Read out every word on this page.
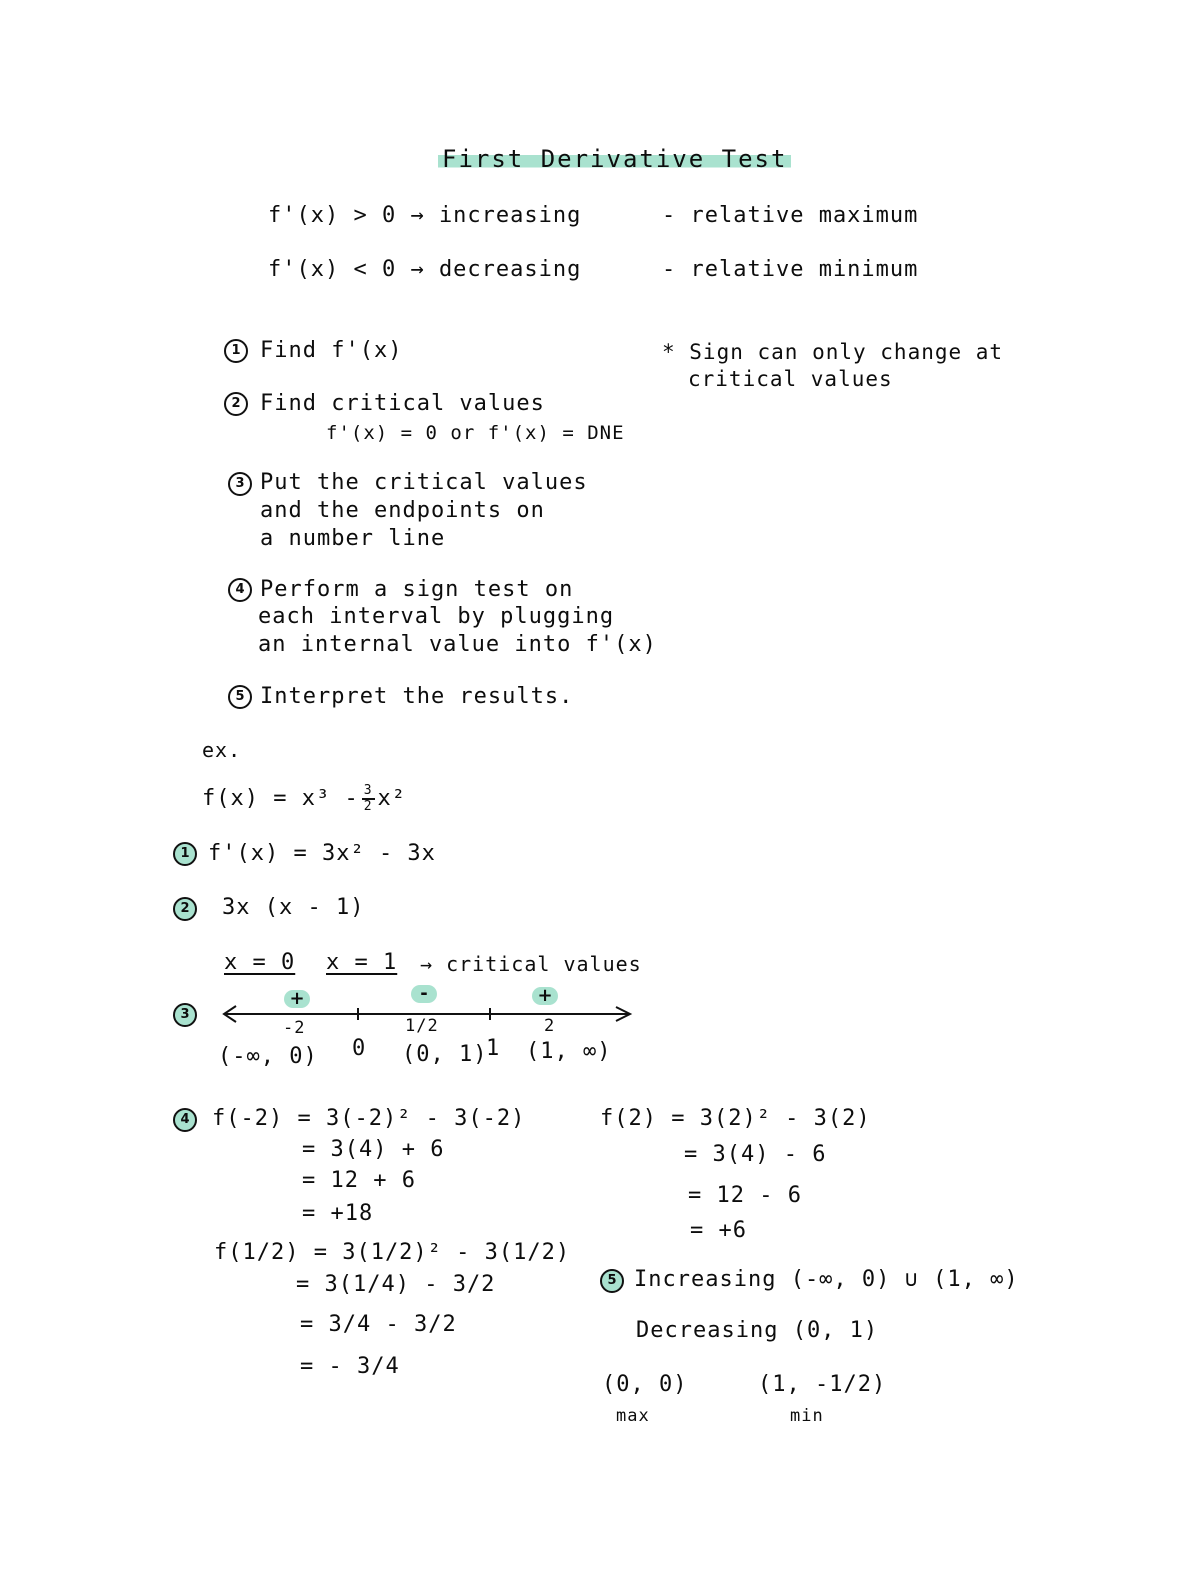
First Derivative Test
f'(x) > 0 → increasing
f'(x) < 0 → decreasing
- relative maximum
- relative minimum
1 Find f'(x)
2 Find critical values
f'(x) = 0 or f'(x) = DNE
3 Put the critical values
and the endpoints on
a number line
4 Perform a sign test on
each interval by plugging
an internal value into f'(x)
5 Interpret the results.
* Sign can only change at
critical values
ex.
$f(x) = x^3 - \frac{3}{2} x^2$
1 f'(x) = 3x² - 3x
2	3x (x - 1)
x = 0 x = 1 → critical values
3
+	-	+
-2	1/2	2
(-∞, 0) 0 (0, 1)
1 (1, ∞)
4	f(-2) = 3(-2)² - 3(-2)
= 3(4) + 6
= 12 + 6
= +18
f(2) = 3(2)² - 3(2)
= 3(4) - 6
= 12 - 6
= +6
f(1/2) = 3(1/2)² - 3(1/2)
= 3(1/4) - 3/2
= 3/4 - 3/2
= - 3/4
5 Increasing (-∞, 0) ∪ (1, ∞)
Decreasing (0, 1)
(0, 0)
max
(1, -1/2)
min
